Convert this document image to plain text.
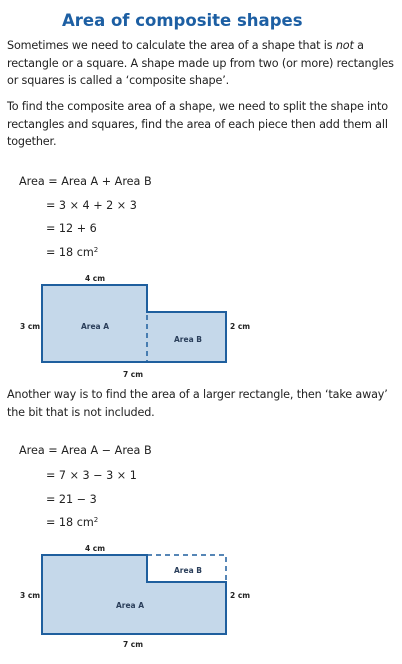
Area of composite shapes
Sometimes we need to calculate the area of a shape that is not a rectangle or a square. A shape made up from two (or more) rectangles or squares is called a ‘composite shape’.
To find the composite area of a shape, we need to split the shape into rectangles and squares, find the area of each piece then add them all together.
Area = Area A + Area B
= 3 × 4 + 2 × 3
= 12 + 6
= 18 $cm^2$
4 cm
3 cm	2 cm
7 cm
Area A
Area B
Another way is to find the area of a larger rectangle, then ‘take away’ the bit that is not included.
Area = Area A − Area B
= 7 × 3 − 3 × 1
= 21 − 3
= 18 $cm^2$
4 cm
3 cm	2 cm
7 cm
Area A
Area B
